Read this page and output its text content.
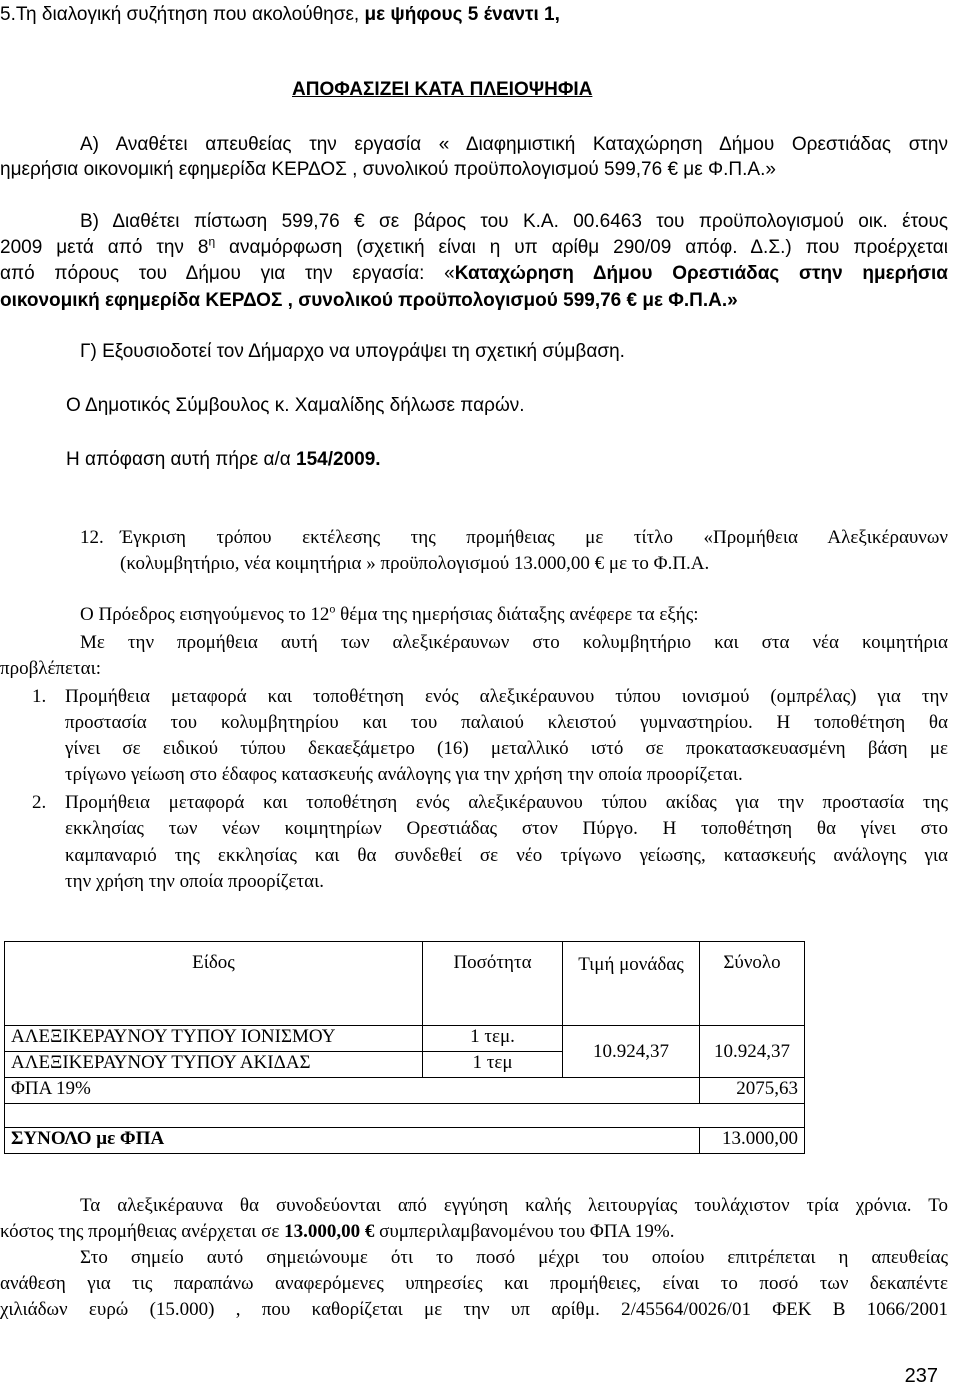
5.Τη διαλογική συζήτηση που ακολούθησε, με ψήφους 5 έναντι 1,
ΑΠΟΦΑΣΙΖΕΙ ΚΑΤΑ ΠΛΕΙΟΨΗΦΙΑ
Α) Αναθέτει απευθείας την εργασία « Διαφημιστική Καταχώρηση Δήμου Ορεστιάδας στην
ημερήσια οικονομική εφημερίδα ΚΕΡΔΟΣ , συνολικού προϋπολογισμού 599,76 € με Φ.Π.Α.»
Β) Διαθέτει πίστωση 599,76 € σε βάρος του Κ.Α. 00.6463 του προϋπολογισμού οικ. έτους
2009 μετά από την $8^\eta$ αναμόρφωση (σχετική είναι η υπ αρίθμ 290/09 απόφ. Δ.Σ.) που προέρχεται
από πόρους του Δήμου για την εργασία: «Καταχώρηση Δήμου Ορεστιάδας στην ημερήσια
οικονομική εφημερίδα ΚΕΡΔΟΣ , συνολικού προϋπολογισμού 599,76 € με Φ.Π.Α.»
Γ) Εξουσιοδοτεί τον Δήμαρχο να υπογράψει τη σχετική σύμβαση.
Ο Δημοτικός Σύμβουλος κ. Χαμαλίδης δήλωσε παρών.
Η απόφαση αυτή πήρε α/α 154/2009.
12. Έγκριση τρόπου εκτέλεσης της προμήθειας με τίτλο «Προμήθεια Αλεξικέραυνων
(κολυμβητήριο, νέα κοιμητήρια » προϋπολογισμού 13.000,00 € με το Φ.Π.Α.
Ο Πρόεδρος εισηγούμενος το $12^o$ θέμα της ημερήσιας διάταξης ανέφερε τα εξής:
Με την προμήθεια αυτή των αλεξικέραυνων στο κολυμβητήριο και στα νέα κοιμητήρια
προβλέπεται:
1. Προμήθεια μεταφορά και τοποθέτηση ενός αλεξικέραυνου τύπου ιονισμού (ομπρέλας) για την
προστασία του κολυμβητηρίου και του παλαιού κλειστού γυμναστηρίου. Η τοποθέτηση θα
γίνει σε ειδικού τύπου δεκαεξάμετρο (16) μεταλλικό ιστό σε προκατασκευασμένη βάση με
τρίγωνο γείωση στο έδαφος κατασκευής ανάλογης για την χρήση την οποία προορίζεται.
2. Προμήθεια μεταφορά και τοποθέτηση ενός αλεξικέραυνου τύπου ακίδας για την προστασία της
εκκλησίας των νέων κοιμητηρίων Ορεστιάδας στον Πύργο. Η τοποθέτηση θα γίνει στο
καμπαναριό της εκκλησίας και θα συνδεθεί σε νέο τρίγωνο γείωσης, κατασκευής ανάλογης για
την χρήση την οποία προορίζεται.
Είδος	Ποσότητα	Τιμή μονάδας	Σύνολο

ΑΛΕΞΙΚΕΡΑΥΝΟΥ ΤΥΠΟΥ ΙΟΝΙΣΜΟΥ	1 τεμ.	10.924,37	10.924,37
ΑΛΕΞΙΚΕΡΑΥΝΟΥ ΤΥΠΟΥ ΑΚΙΔΑΣ	1 τεμ		
ΦΠΑ 19%			2075,63

ΣΥΝΟΛΟ με ΦΠΑ			13.000,00
Τα αλεξικέραυνα θα συνοδεύονται από εγγύηση καλής λειτουργίας τουλάχιστον τρία χρόνια. Το
κόστος της προμήθειας ανέρχεται σε 13.000,00 € συμπεριλαμβανομένου του ΦΠΑ 19%.
Στο σημείο αυτό σημειώνουμε ότι το ποσό μέχρι του οποίου επιτρέπεται η απευθείας
ανάθεση για τις παραπάνω αναφερόμενες υπηρεσίες και προμήθειες, είναι το ποσό των δεκαπέντε
χιλιάδων ευρώ (15.000) , που καθορίζεται με την υπ αρίθμ. 2/45564/0026/01 ΦΕΚ Β 1066/2001
237
